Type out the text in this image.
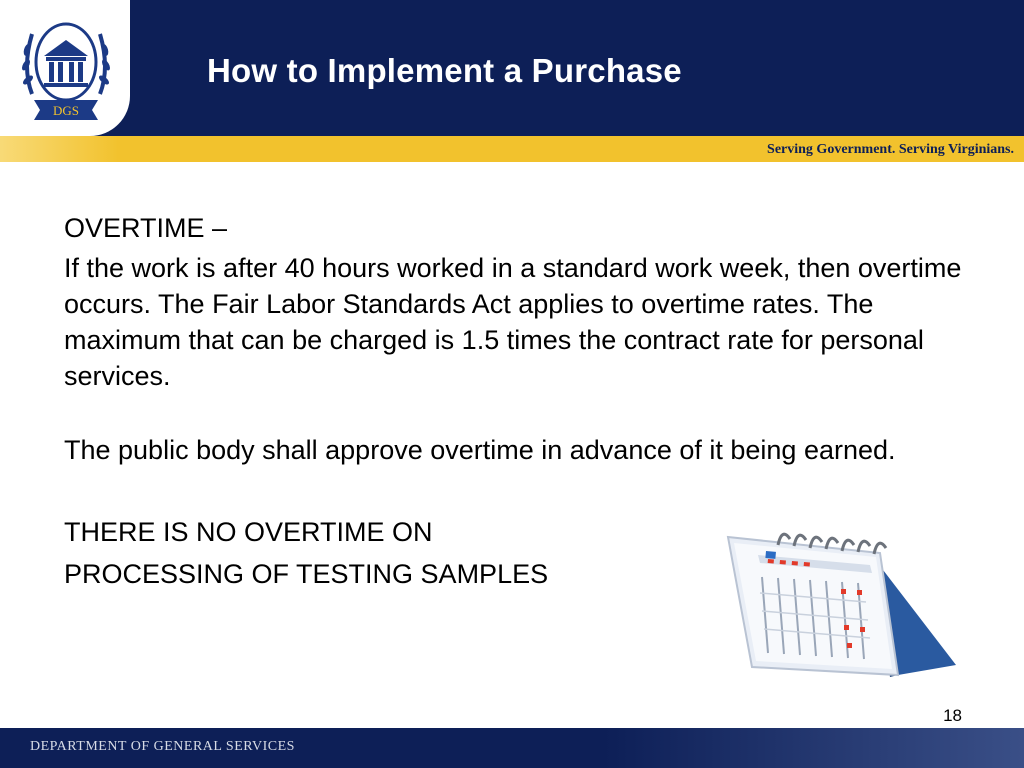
DGS
How to Implement a Purchase
Serving Government. Serving Virginians.

OVERTIME –

If the work is after 40 hours worked in a standard work week, then overtime occurs. The Fair Labor Standards Act applies to overtime rates. The maximum that can be charged is 1.5 times the contract rate for personal services.

The public body shall approve overtime in advance of it being earned.

THERE IS NO OVERTIME ON

PROCESSING OF TESTING SAMPLES

18
DEPARTMENT OF GENERAL SERVICES
